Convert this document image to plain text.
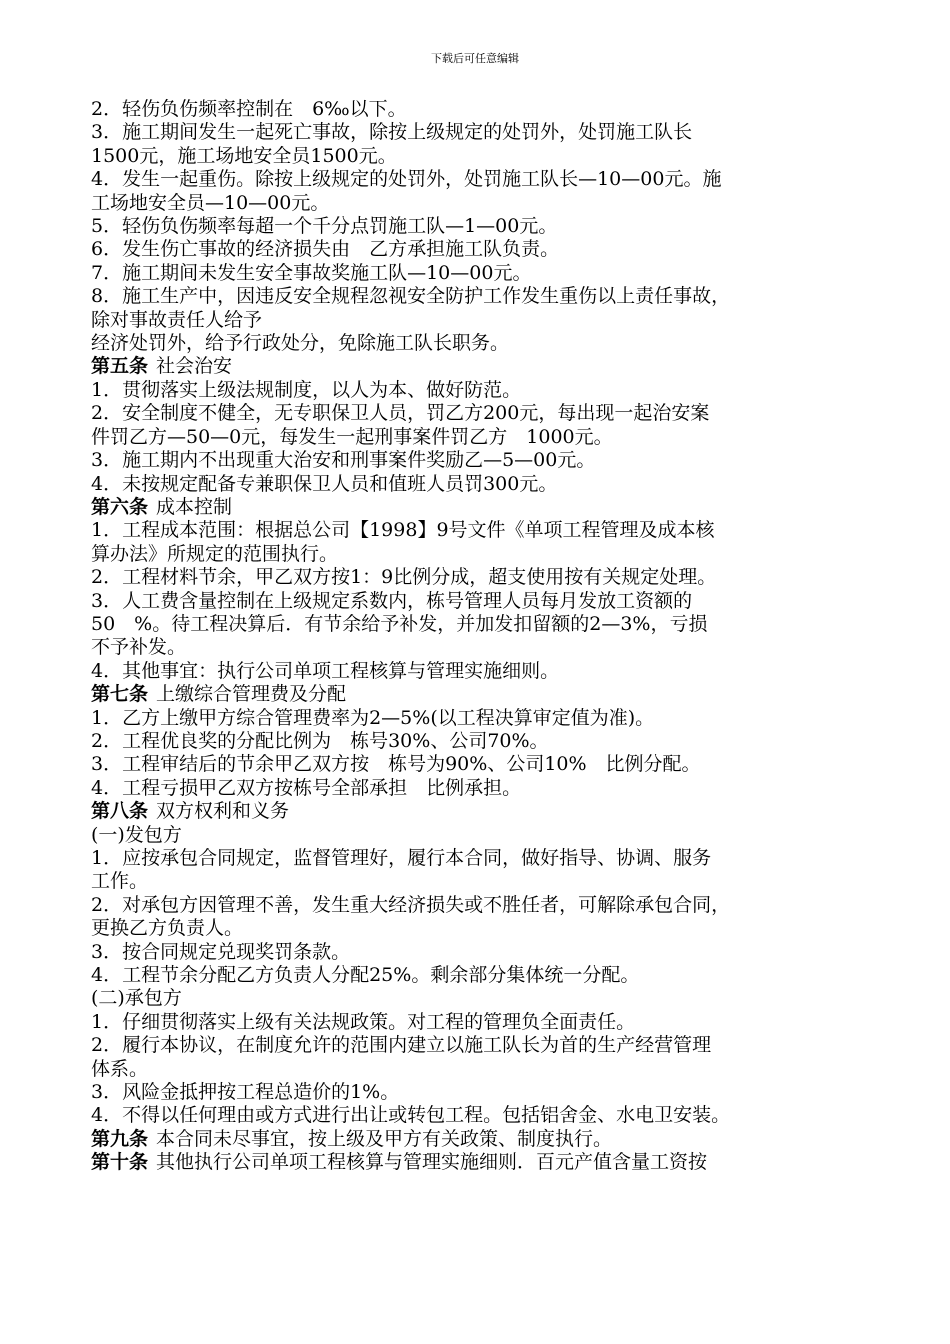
下载后可任意编辑
2．轻伤负伤频率控制在　6‰以下。
3．施工期间发生一起死亡事故，除按上级规定的处罚外，处罚施工队长
1500元，施工场地安全员1500元。
4．发生一起重伤。除按上级规定的处罚外，处罚施工队长—10—00元。施
工场地安全员—10—00元。
5．轻伤负伤频率每超一个千分点罚施工队—1—00元。
6．发生伤亡事故的经济损失由　乙方承担施工队负责。
7．施工期间未发生安全事故奖施工队—10—00元。
8．施工生产中，因违反安全规程忽视安全防护工作发生重伤以上责任事故，
除对事故责任人给予
经济处罚外，给予行政处分，免除施工队长职务。
第五条 社会治安
1．贯彻落实上级法规制度，以人为本、做好防范。
2．安全制度不健全，无专职保卫人员，罚乙方200元，每出现一起治安案
件罚乙方—50—0元，每发生一起刑事案件罚乙方　1000元。
3．施工期内不出现重大治安和刑事案件奖励乙—5—00元。
4．未按规定配备专兼职保卫人员和值班人员罚300元。
第六条 成本控制
1．工程成本范围：根据总公司【1998】9号文件《单项工程管理及成本核
算办法》所规定的范围执行。
2．工程材料节余，甲乙双方按1：9比例分成，超支使用按有关规定处理。
3．人工费含量控制在上级规定系数内，栋号管理人员每月发放工资额的
50　%。待工程决算后．有节余给予补发，并加发扣留额的2—3%，亏损
不予补发。
4．其他事宜：执行公司单项工程核算与管理实施细则。
第七条 上缴综合管理费及分配
1．乙方上缴甲方综合管理费率为2—5%(以工程决算审定值为准)。
2．工程优良奖的分配比例为　栋号30%、公司70%。
3．工程审结后的节余甲乙双方按　栋号为90%、公司10%　比例分配。
4．工程亏损甲乙双方按栋号全部承担　比例承担。
第八条 双方权利和义务
(一)发包方
1．应按承包合同规定，监督管理好，履行本合同，做好指导、协调、服务
工作。
2．对承包方因管理不善，发生重大经济损失或不胜任者，可解除承包合同，
更换乙方负责人。
3．按合同规定兑现奖罚条款。
4．工程节余分配乙方负责人分配25%。剩余部分集体统一分配。
(二)承包方
1．仔细贯彻落实上级有关法规政策。对工程的管理负全面责任。
2．履行本协议，在制度允许的范围内建立以施工队长为首的生产经营管理
体系。
3．风险金抵押按工程总造价的1%。
4．不得以任何理由或方式进行出让或转包工程。包括铝舍金、水电卫安装。
第九条 本合同未尽事宜，按上级及甲方有关政策、制度执行。
第十条 其他执行公司单项工程核算与管理实施细则．百元产值含量工资按
